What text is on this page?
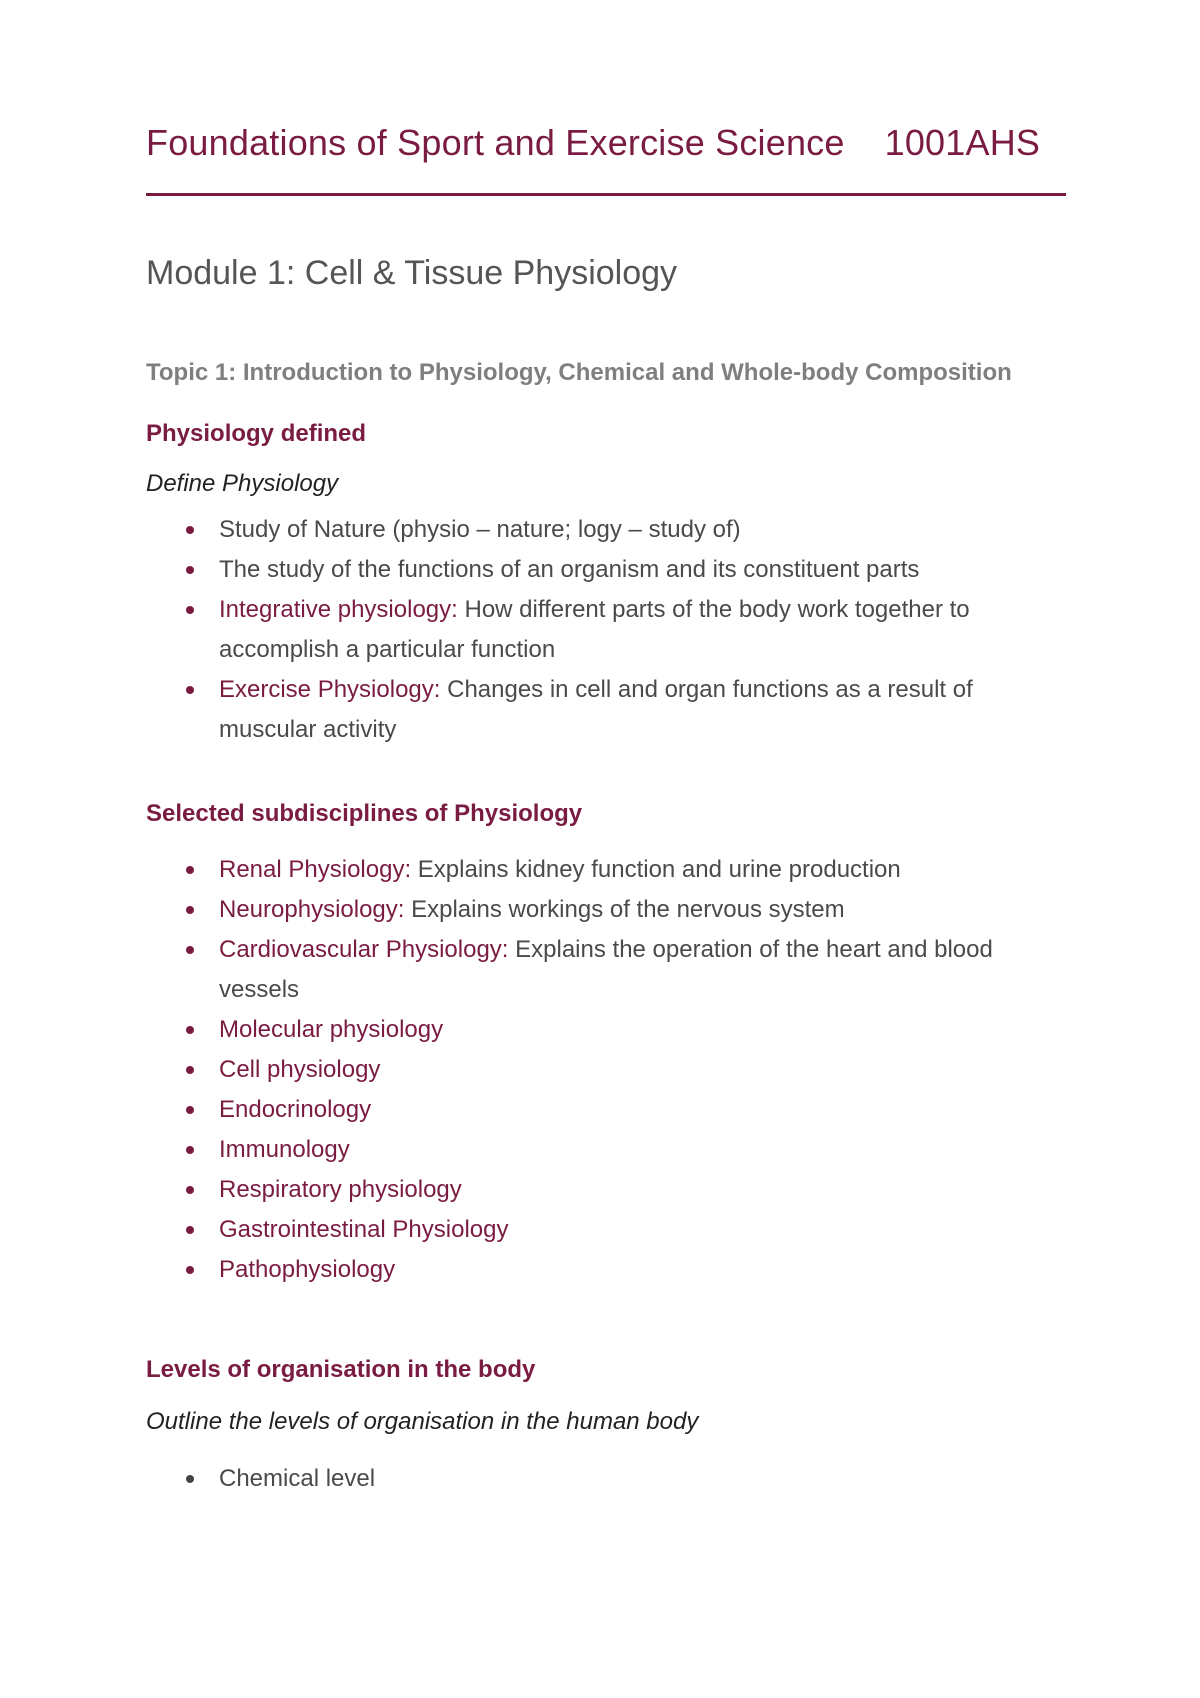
Foundations of Sport and Exercise Science 1001AHS
Module 1: Cell & Tissue Physiology
Topic 1: Introduction to Physiology, Chemical and Whole-body Composition
Physiology defined
Define Physiology
Study of Nature (physio – nature; logy – study of)
The study of the functions of an organism and its constituent parts
Integrative physiology: How different parts of the body work together to accomplish a particular function
Exercise Physiology: Changes in cell and organ functions as a result of muscular activity
Selected subdisciplines of Physiology
Renal Physiology: Explains kidney function and urine production
Neurophysiology: Explains workings of the nervous system
Cardiovascular Physiology: Explains the operation of the heart and blood vessels
Molecular physiology
Cell physiology
Endocrinology
Immunology
Respiratory physiology
Gastrointestinal Physiology
Pathophysiology
Levels of organisation in the body
Outline the levels of organisation in the human body
Chemical level
